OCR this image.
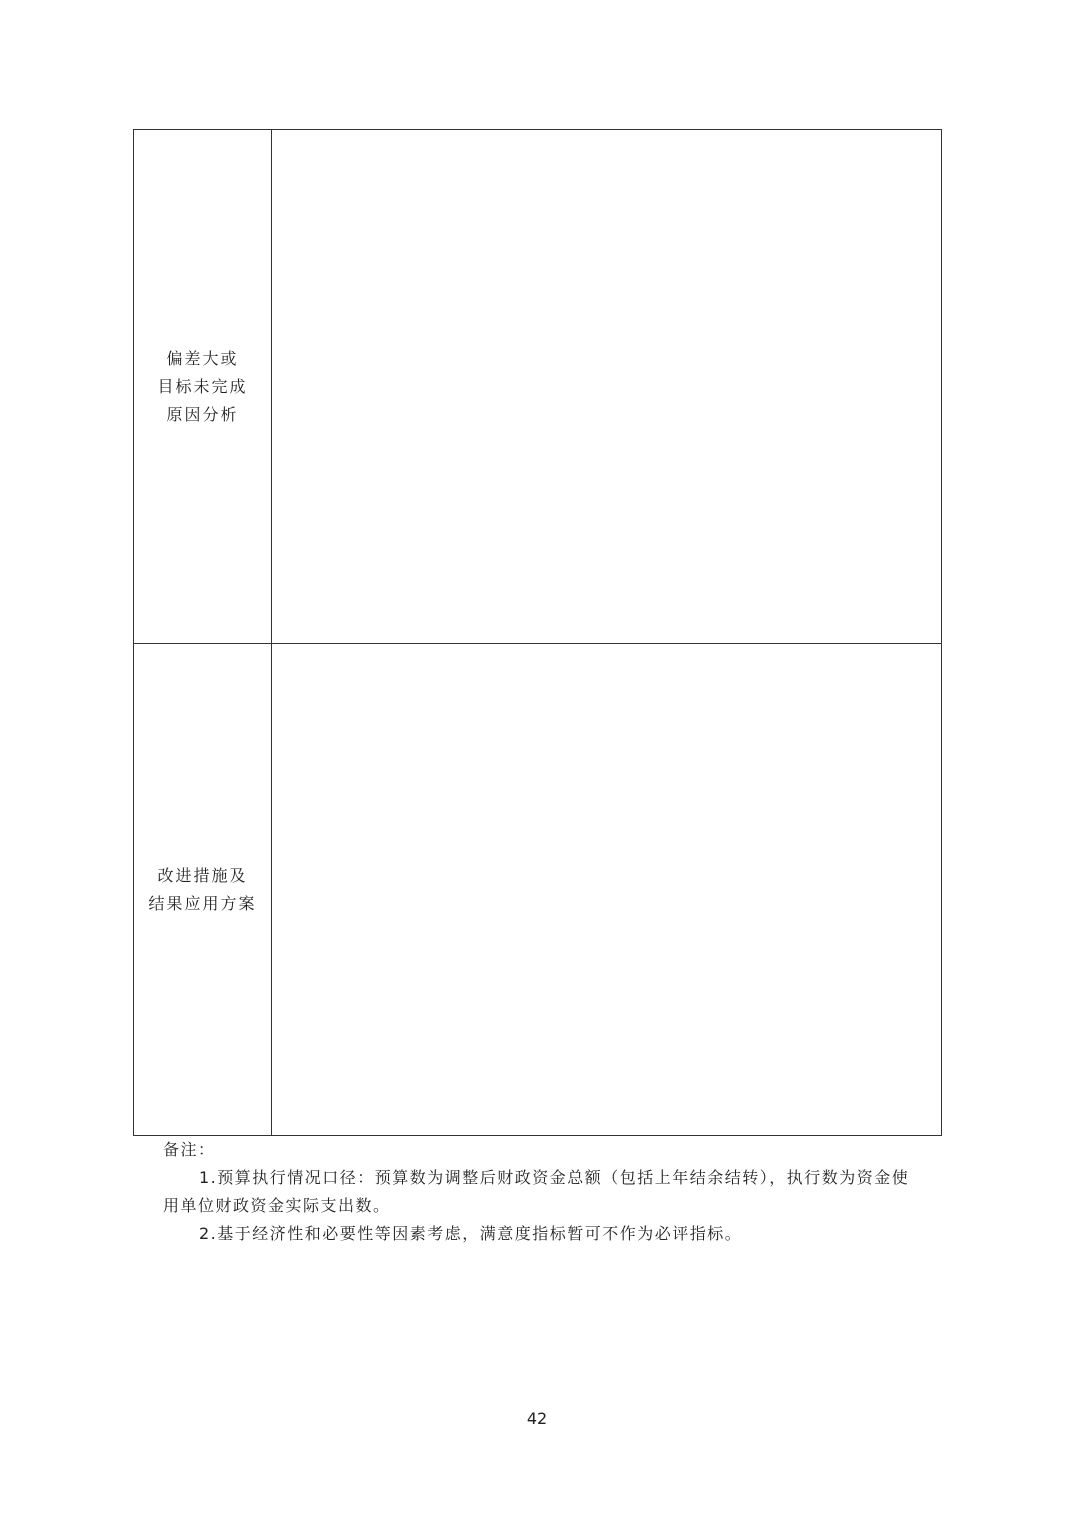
偏差大或
目标未完成
原因分析	

改进措施及
结果应用方案	

备注：
1.预算执行情况口径：预算数为调整后财政资金总额（包括上年结余结转），执行数为资金使用单位财政资金实际支出数。
2.基于经济性和必要性等因素考虑，满意度指标暂可不作为必评指标。
42
